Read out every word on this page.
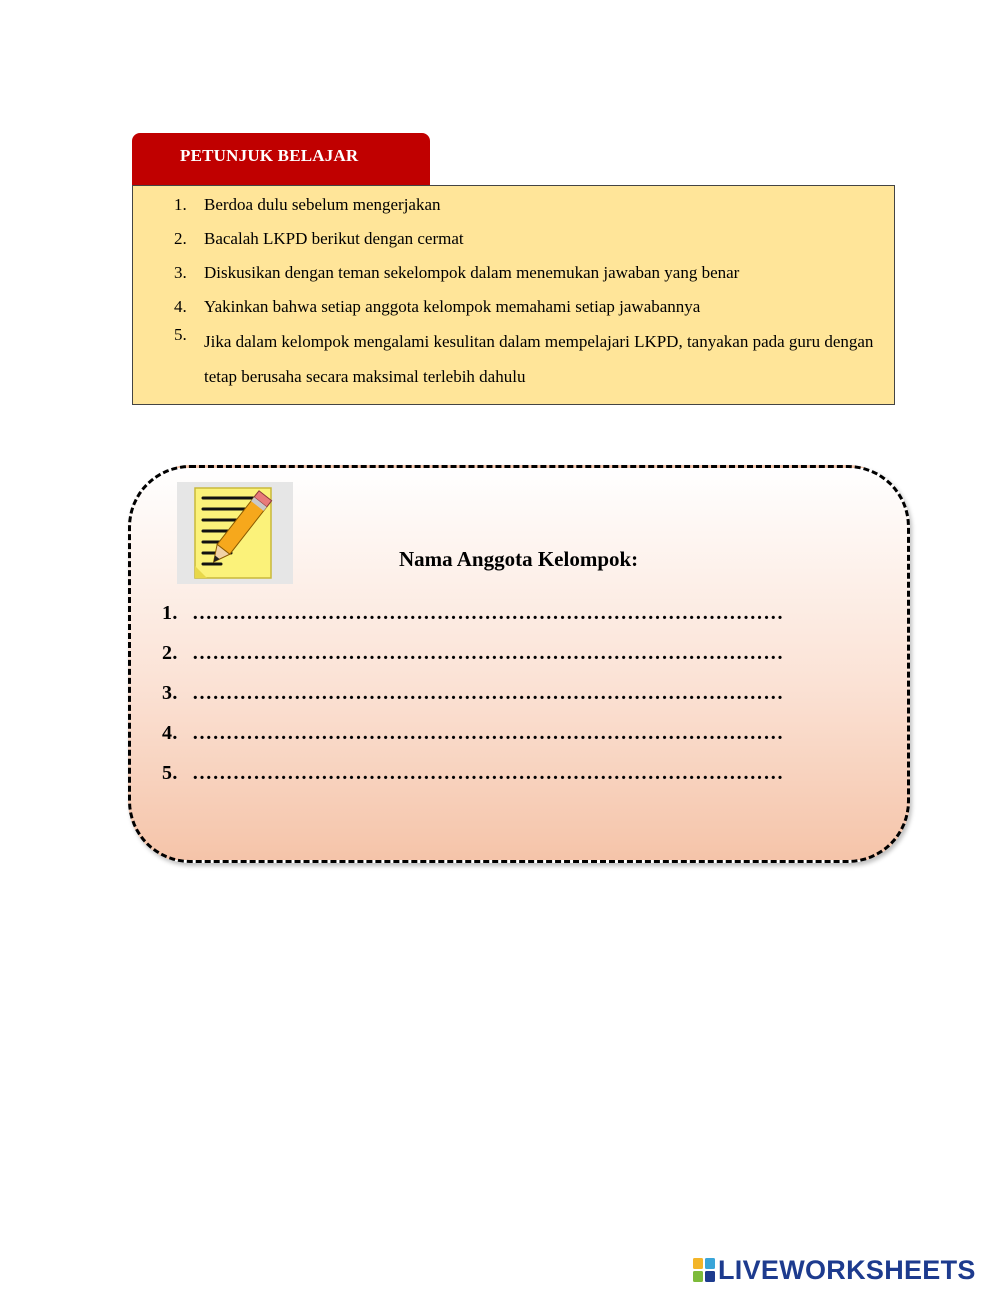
PETUNJUK BELAJAR
1. Berdoa dulu sebelum mengerjakan
2. Bacalah LKPD berikut dengan cermat
3. Diskusikan dengan teman sekelompok dalam menemukan jawaban yang benar
4. Yakinkan bahwa setiap anggota kelompok memahami setiap jawabannya
5. Jika dalam kelompok mengalami kesulitan dalam mempelajari LKPD, tanyakan pada guru dengan tetap berusaha secara maksimal terlebih dahulu
Nama Anggota Kelompok:
1. ……………………………………………………………………………
2. ……………………………………………………………………………
3. ……………………………………………………………………………
4. ……………………………………………………………………………
5. ……………………………………………………………………………
LIVEWORKSHEETS
